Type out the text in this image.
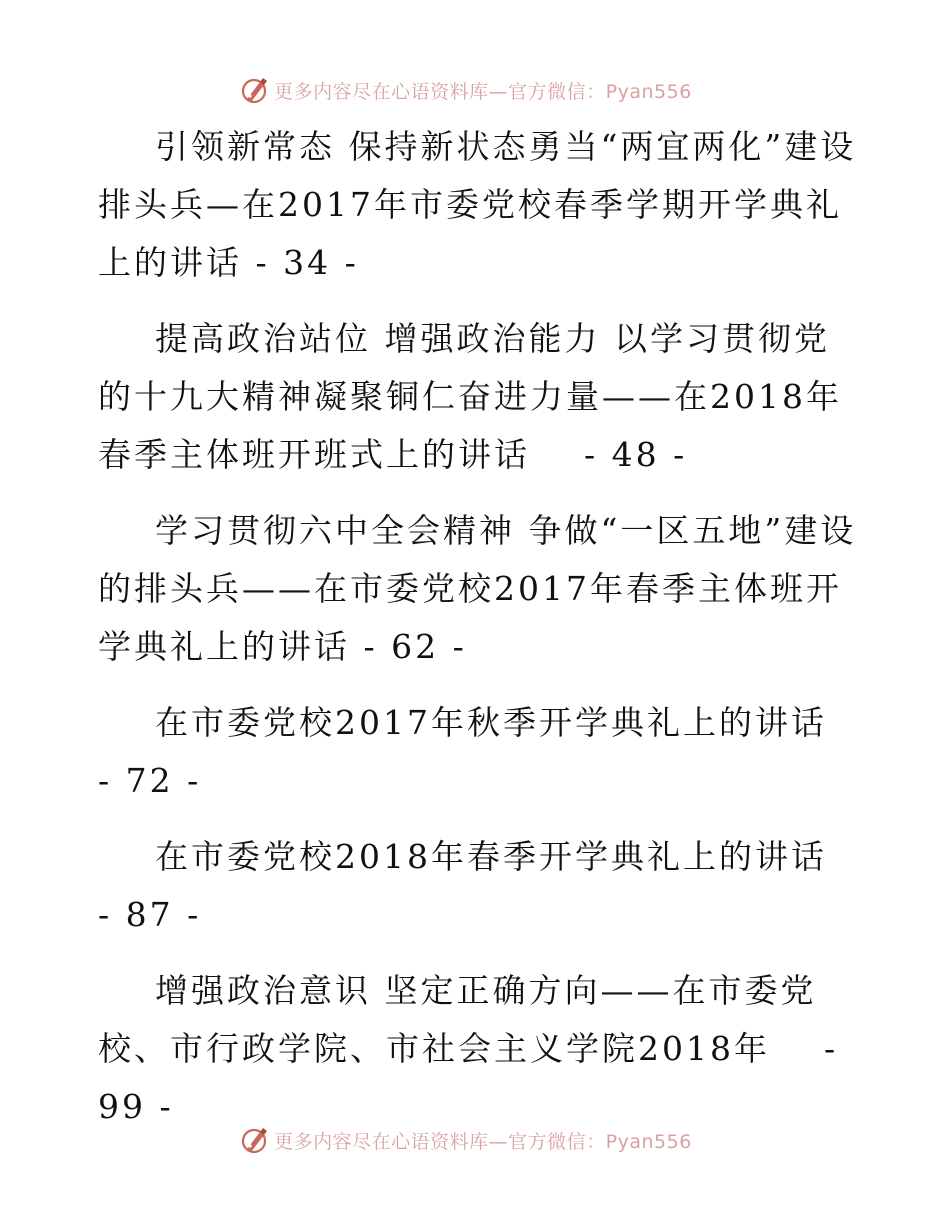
更多内容尽在心语资料库—官方微信：Pyan556

引领新常态 保持新状态勇当“两宜两化”建设排头兵—在2017年市委党校春季学期开学典礼上的讲话 - 34 -

提高政治站位 增强政治能力 以学习贯彻党的十九大精神凝聚铜仁奋进力量——在2018年春季主体班开班式上的讲话    - 48 -

学习贯彻六中全会精神 争做“一区五地”建设的排头兵——在市委党校2017年春季主体班开学典礼上的讲话 - 62 -

在市委党校2017年秋季开学典礼上的讲话    - 72 -

在市委党校2018年春季开学典礼上的讲话    - 87 -

增强政治意识 坚定正确方向——在市委党校、市行政学院、市社会主义学院2018年    - 99 -

更多内容尽在心语资料库—官方微信：Pyan556
